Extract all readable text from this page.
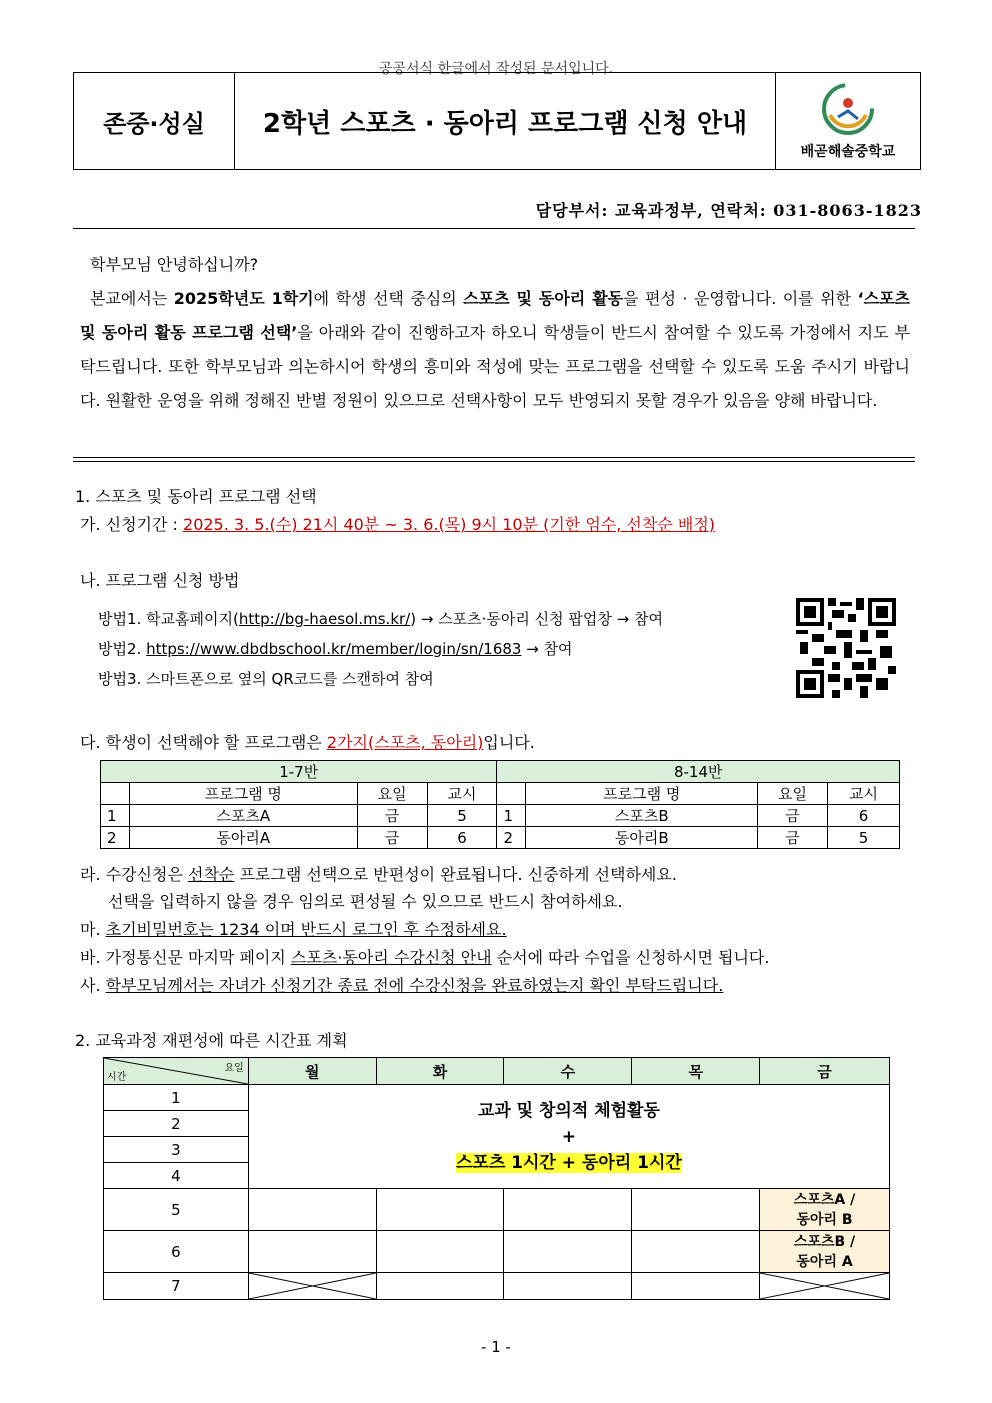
공공서식 한글에서 작성된 문서입니다.
존중·성실	2학년 스포츠 · 동아리 프로그램 신청 안내
배곧해솔중학교
담당부서: 교육과정부, 연락처: 031-8063-1823

학부모님 안녕하십니까?

본교에서는 2025학년도 1학기에 학생 선택 중심의 스포츠 및 동아리 활동을 편성 · 운영합니다. 이를 위한 ‘스포츠 및 동아리 활동 프로그램 선택’을 아래와 같이 진행하고자 하오니 학생들이 반드시 참여할 수 있도록 가정에서 지도 부탁드립니다. 또한 학부모님과 의논하시어 학생의 흥미와 적성에 맞는 프로그램을 선택할 수 있도록 도움 주시기 바랍니다. 원활한 운영을 위해 정해진 반별 정원이 있으므로 선택사항이 모두 반영되지 못할 경우가 있음을 양해 바랍니다.

1. 스포츠 및 동아리 프로그램 선택
가. 신청기간 : 2025. 3. 5.(수) 21시 40분 ~ 3. 6.(목) 9시 10분 (기한 엄수, 선착순 배정)
나. 프로그램 신청 방법
방법1. 학교홈페이지(http://bg-haesol.ms.kr/) → 스포츠·동아리 신청 팝업창 → 참여
방법2. https://www.dbdbschool.kr/member/login/sn/1683 → 참여
방법3. 스마트폰으로 옆의 QR코드를 스캔하여 참여
다. 학생이 선택해야 할 프로그램은 2가지(스포츠, 동아리)입니다.
1-7반				8-14반			
	프로그램 명	요일	교시		프로그램 명	요일	교시
1	스포츠A	금	5	1	스포츠B	금	6
2	동아리A	금	6	2	동아리B	금	5
라. 수강신청은 선착순 프로그램 선택으로 반편성이 완료됩니다. 신중하게 선택하세요.
선택을 입력하지 않을 경우 임의로 편성될 수 있으므로 반드시 참여하세요.
마. 초기비밀번호는 1234 이며 반드시 로그인 후 수정하세요.
바. 가정통신문 마지막 페이지 스포츠·동아리 수강신청 안내 순서에 따라 수업을 신청하시면 됩니다.
사. 학부모님께서는 자녀가 신청기간 종료 전에 수강신청을 완료하였는지 확인 부탁드립니다.
2. 교육과정 재편성에 따른 시간표 계획
요일
시간	월	화	수	목	금
1	교과 및 창의적 체험활동
+
스포츠 1시간 + 동아리 1시간				

2					
3					
4					
5					스포츠A /
동아리 B

6					스포츠B /
동아리 A

7	

- 1 -
